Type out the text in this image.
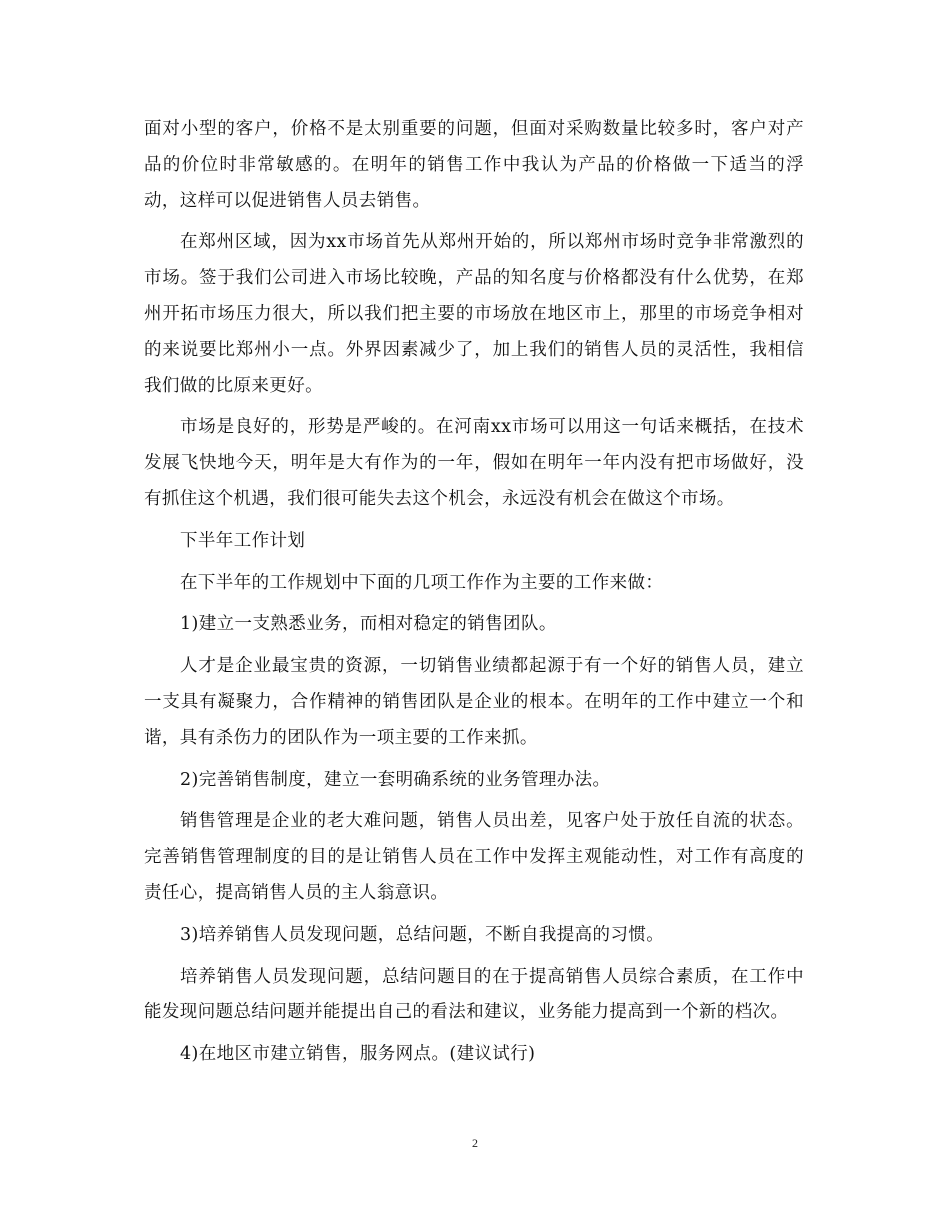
面对小型的客户，价格不是太别重要的问题，但面对采购数量比较多时，客户对产品的价位时非常敏感的。在明年的销售工作中我认为产品的价格做一下适当的浮动，这样可以促进销售人员去销售。

在郑州区域，因为xx市场首先从郑州开始的，所以郑州市场时竞争非常激烈的市场。签于我们公司进入市场比较晚，产品的知名度与价格都没有什么优势，在郑州开拓市场压力很大，所以我们把主要的市场放在地区市上，那里的市场竞争相对的来说要比郑州小一点。外界因素减少了，加上我们的销售人员的灵活性，我相信我们做的比原来更好。

市场是良好的，形势是严峻的。在河南xx市场可以用这一句话来概括，在技术发展飞快地今天，明年是大有作为的一年，假如在明年一年内没有把市场做好，没有抓住这个机遇，我们很可能失去这个机会，永远没有机会在做这个市场。

下半年工作计划

在下半年的工作规划中下面的几项工作作为主要的工作来做：

1)建立一支熟悉业务，而相对稳定的销售团队。

人才是企业最宝贵的资源，一切销售业绩都起源于有一个好的销售人员，建立一支具有凝聚力，合作精神的销售团队是企业的根本。在明年的工作中建立一个和谐，具有杀伤力的团队作为一项主要的工作来抓。

2)完善销售制度，建立一套明确系统的业务管理办法。

销售管理是企业的老大难问题，销售人员出差，见客户处于放任自流的状态。完善销售管理制度的目的是让销售人员在工作中发挥主观能动性，对工作有高度的责任心，提高销售人员的主人翁意识。

3)培养销售人员发现问题，总结问题，不断自我提高的习惯。

培养销售人员发现问题，总结问题目的在于提高销售人员综合素质，在工作中能发现问题总结问题并能提出自己的看法和建议，业务能力提高到一个新的档次。

4)在地区市建立销售，服务网点。(建议试行)

2
